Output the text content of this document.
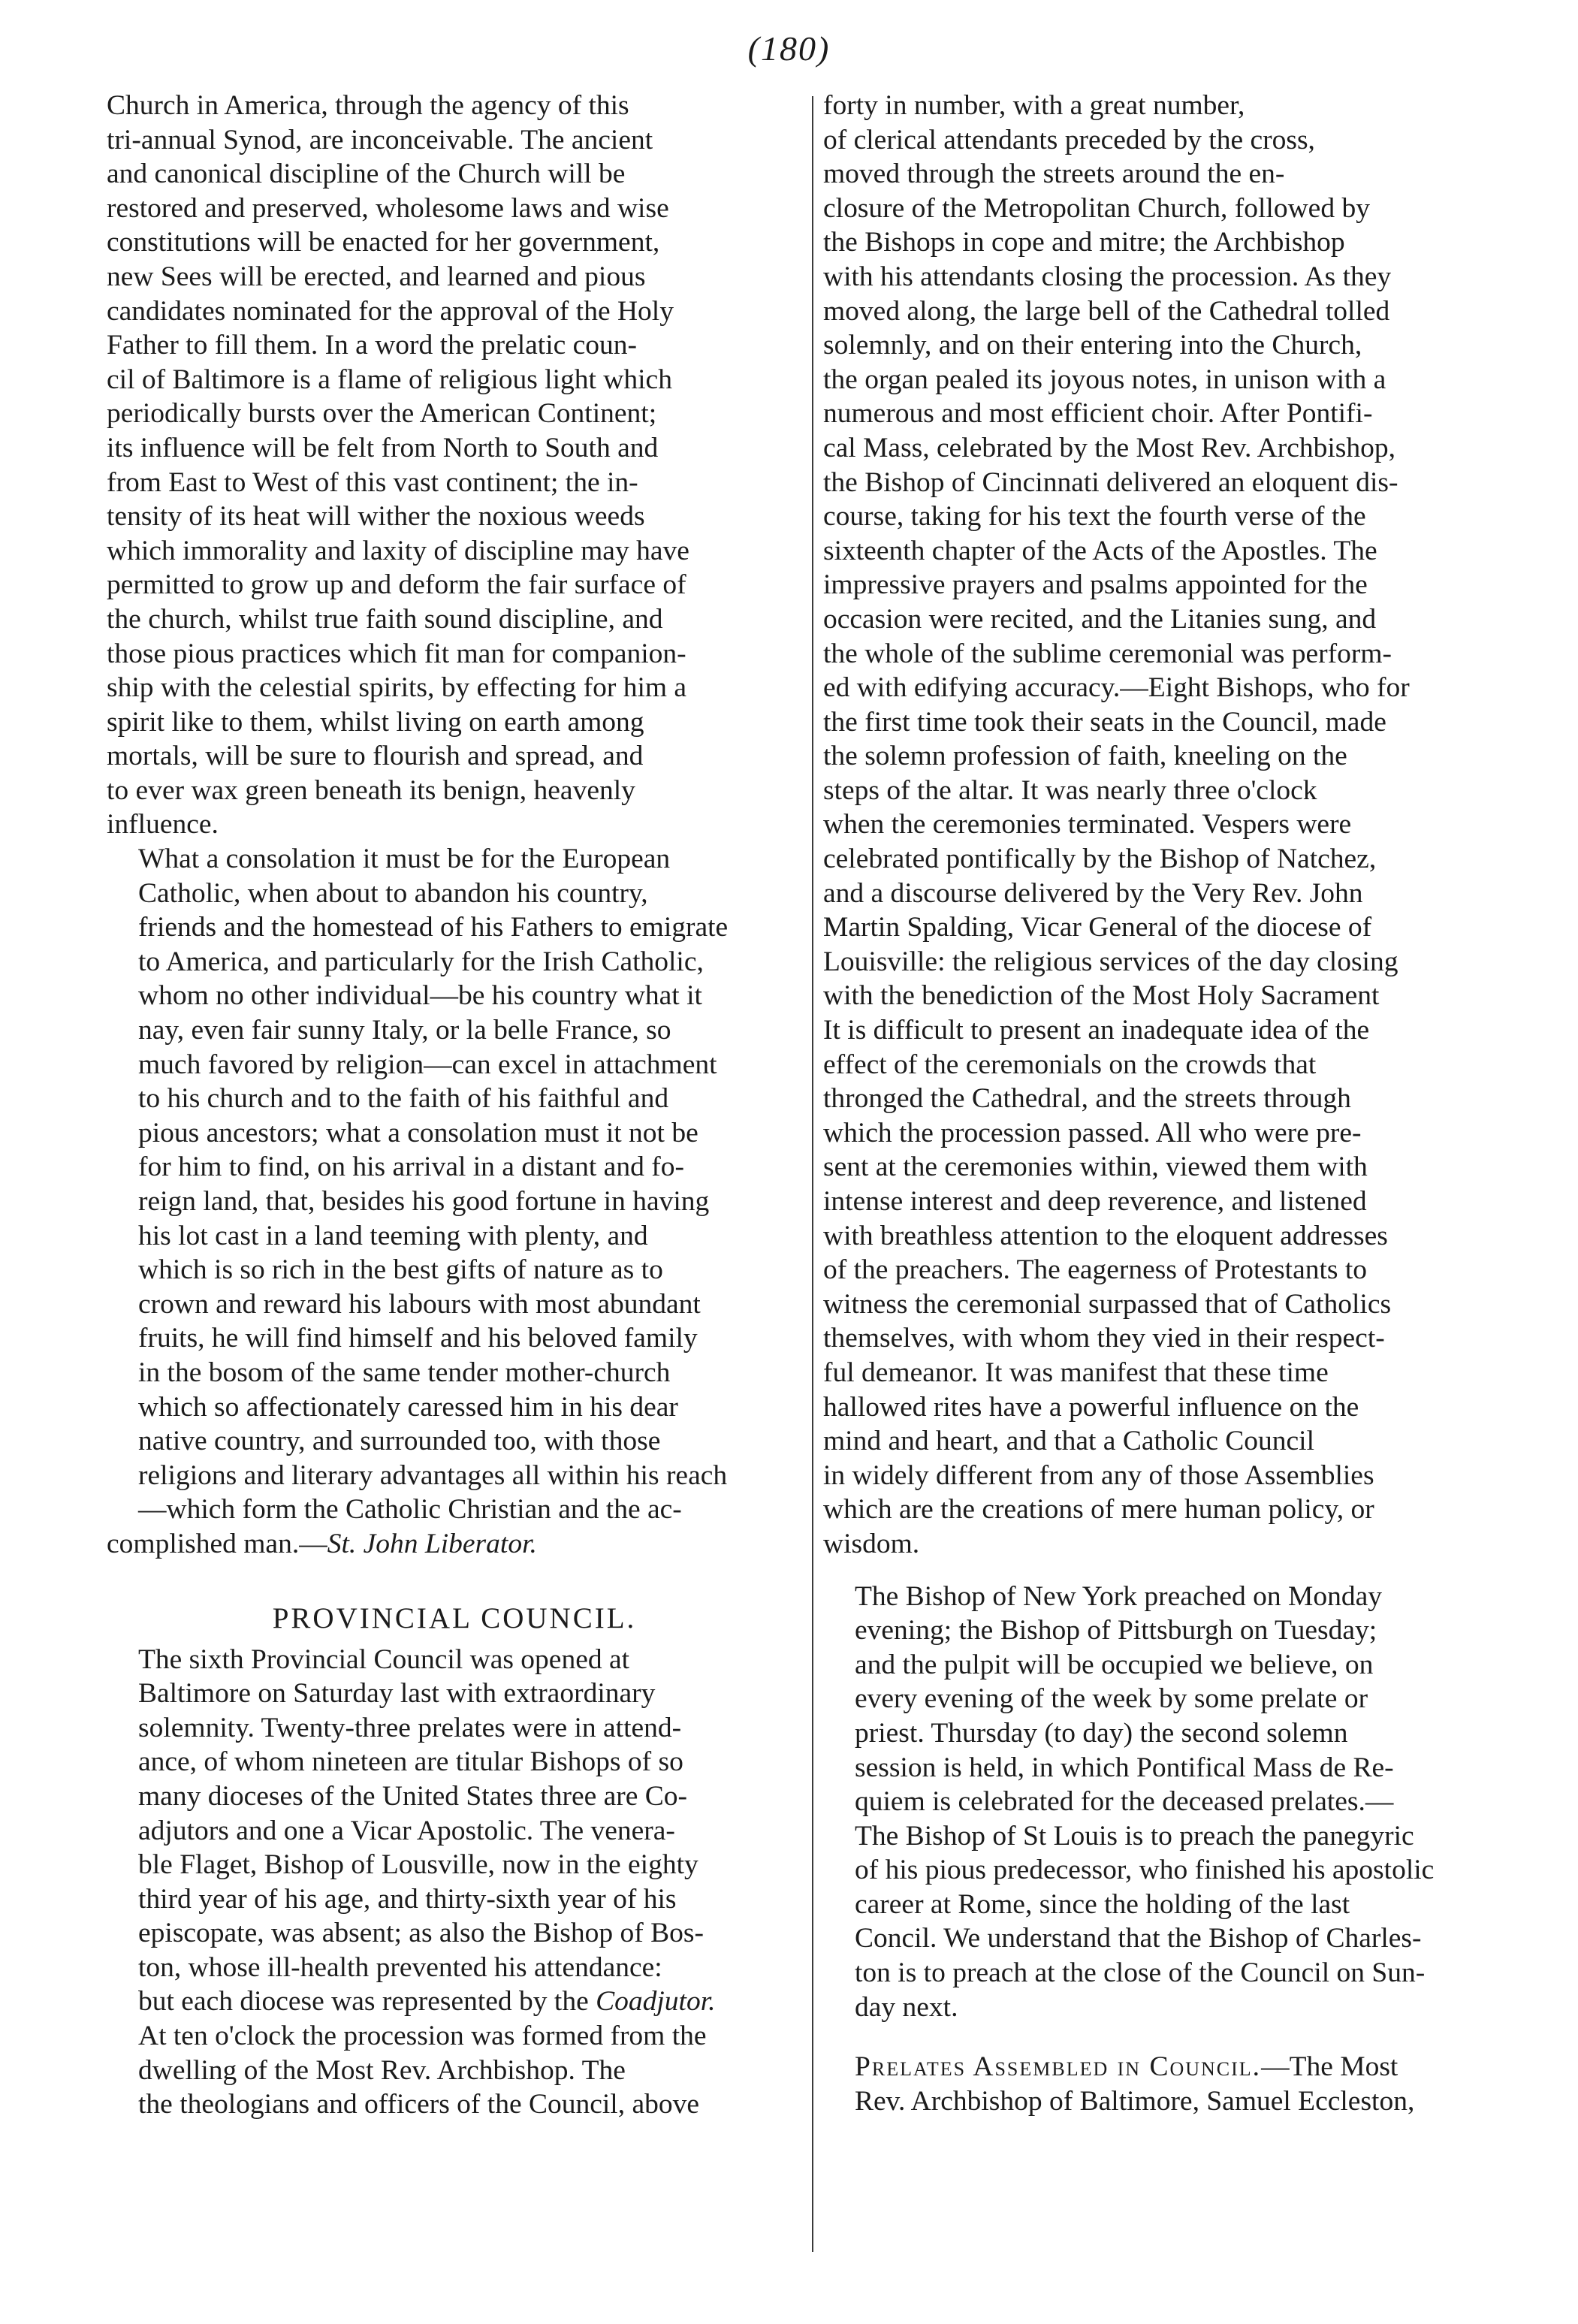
(180)
Church in America, through the agency of this
tri-annual Synod, are inconceivable. The ancient
and canonical discipline of the Church will be
restored and preserved, wholesome laws and wise
constitutions will be enacted for her government,
new Sees will be erected, and learned and pious
candidates nominated for the approval of the Holy
Father to fill them. In a word the prelatic coun-
cil of Baltimore is a flame of religious light which
periodically bursts over the American Continent;
its influence will be felt from North to South and
from East to West of this vast continent; the in-
tensity of its heat will wither the noxious weeds
which immorality and laxity of discipline may have
permitted to grow up and deform the fair surface of
the church, whilst true faith sound discipline, and
those pious practices which fit man for companion-
ship with the celestial spirits, by effecting for him a
spirit like to them, whilst living on earth among
mortals, will be sure to flourish and spread, and
to ever wax green beneath its benign, heavenly
influence.
What a consolation it must be for the European
Catholic, when about to abandon his country,
friends and the homestead of his Fathers to emigrate
to America, and particularly for the Irish Catholic,
whom no other individual—be his country what it
nay, even fair sunny Italy, or la belle France, so
much favored by religion—can excel in attachment
to his church and to the faith of his faithful and
pious ancestors; what a consolation must it not be
for him to find, on his arrival in a distant and fo-
reign land, that, besides his good fortune in having
his lot cast in a land teeming with plenty, and
which is so rich in the best gifts of nature as to
crown and reward his labours with most abundant
fruits, he will find himself and his beloved family
in the bosom of the same tender mother-church
which so affectionately caressed him in his dear
native country, and surrounded too, with those
religions and literary advantages all within his reach
—which form the Catholic Christian and the ac-
complished man.—St. John Liberator.
PROVINCIAL COUNCIL.
The sixth Provincial Council was opened at
Baltimore on Saturday last with extraordinary
solemnity. Twenty-three prelates were in attend-
ance, of whom nineteen are titular Bishops of so
many dioceses of the United States three are Co-
adjutors and one a Vicar Apostolic. The venera-
ble Flaget, Bishop of Lousville, now in the eighty
third year of his age, and thirty-sixth year of his
episcopate, was absent; as also the Bishop of Bos-
ton, whose ill-health prevented his attendance:
but each diocese was represented by the Coadjutor.
At ten o'clock the procession was formed from the
dwelling of the Most Rev. Archbishop. The
the theologians and officers of the Council, above
forty in number, with a great number,
of clerical attendants preceded by the cross,
moved through the streets around the en-
closure of the Metropolitan Church, followed by
the Bishops in cope and mitre; the Archbishop
with his attendants closing the procession. As they
moved along, the large bell of the Cathedral tolled
solemnly, and on their entering into the Church,
the organ pealed its joyous notes, in unison with a
numerous and most efficient choir. After Pontifi-
cal Mass, celebrated by the Most Rev. Archbishop,
the Bishop of Cincinnati delivered an eloquent dis-
course, taking for his text the fourth verse of the
sixteenth chapter of the Acts of the Apostles. The
impressive prayers and psalms appointed for the
occasion were recited, and the Litanies sung, and
the whole of the sublime ceremonial was perform-
ed with edifying accuracy.—Eight Bishops, who for
the first time took their seats in the Council, made
the solemn profession of faith, kneeling on the
steps of the altar. It was nearly three o'clock
when the ceremonies terminated. Vespers were
celebrated pontifically by the Bishop of Natchez,
and a discourse delivered by the Very Rev. John
Martin Spalding, Vicar General of the diocese of
Louisville: the religious services of the day closing
with the benediction of the Most Holy Sacrament
It is difficult to present an inadequate idea of the
effect of the ceremonials on the crowds that
thronged the Cathedral, and the streets through
which the procession passed. All who were pre-
sent at the ceremonies within, viewed them with
intense interest and deep reverence, and listened
with breathless attention to the eloquent addresses
of the preachers. The eagerness of Protestants to
witness the ceremonial surpassed that of Catholics
themselves, with whom they vied in their respect-
ful demeanor. It was manifest that these time
hallowed rites have a powerful influence on the
mind and heart, and that a Catholic Council
in widely different from any of those Assemblies
which are the creations of mere human policy, or
wisdom.
The Bishop of New York preached on Monday
evening; the Bishop of Pittsburgh on Tuesday;
and the pulpit will be occupied we believe, on
every evening of the week by some prelate or
priest. Thursday (to day) the second solemn
session is held, in which Pontifical Mass de Re-
quiem is celebrated for the deceased prelates.—
The Bishop of St Louis is to preach the panegyric
of his pious predecessor, who finished his apostolic
career at Rome, since the holding of the last
Concil. We understand that the Bishop of Charles-
ton is to preach at the close of the Council on Sun-
day next.
Prelates Assembled in Council.—The Most
Rev. Archbishop of Baltimore, Samuel Eccleston,
